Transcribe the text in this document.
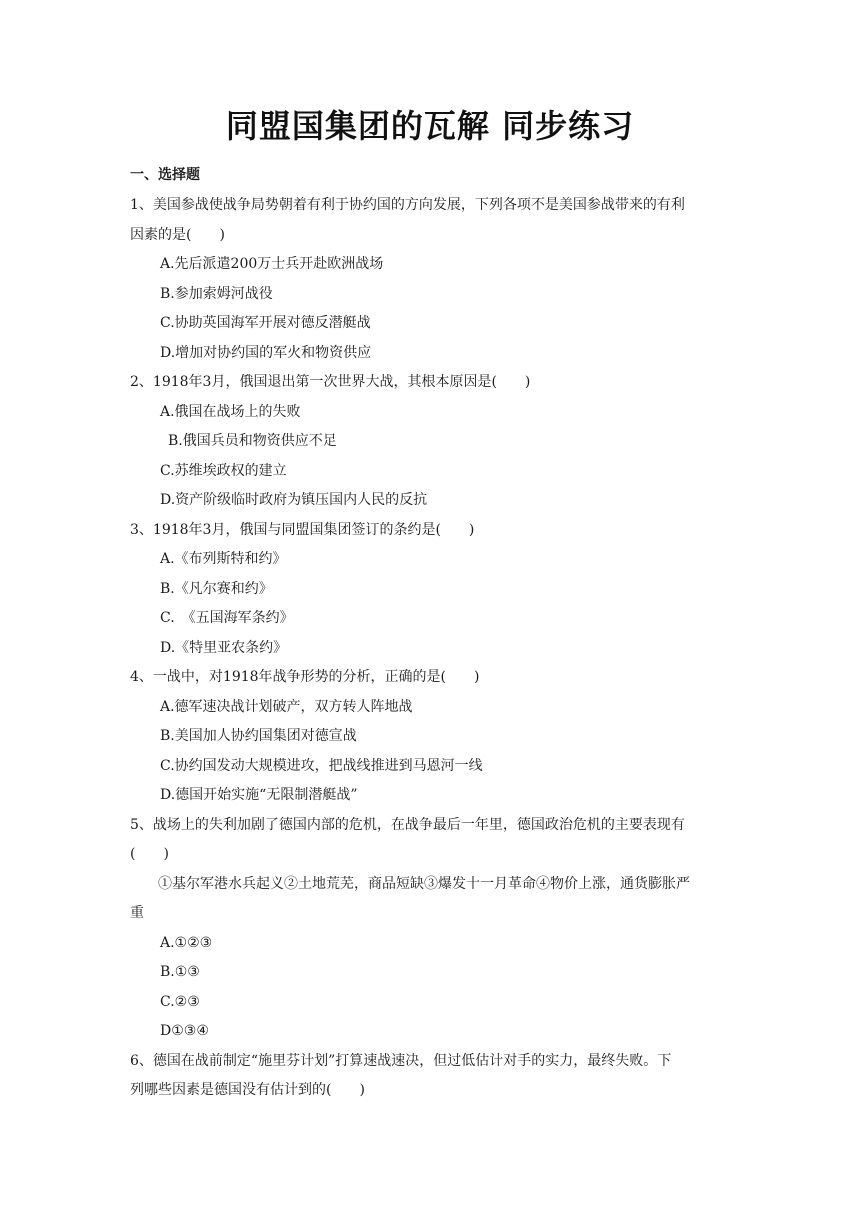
同盟国集团的瓦解 同步练习
一、选择题
1、美国参战使战争局势朝着有利于协约国的方向发展，下列各项不是美国参战带来的有利
因素的是(　　)
A.先后派遣200万士兵开赴欧洲战场
B.参加索姆河战役
C.协助英国海军开展对德反潜艇战
D.增加对协约国的军火和物资供应
2、1918年3月，俄国退出第一次世界大战，其根本原因是(　　)
A.俄国在战场上的失败
B.俄国兵员和物资供应不足
C.苏维埃政权的建立
D.资产阶级临时政府为镇压国内人民的反抗
3、1918年3月，俄国与同盟国集团签订的条约是(　　)
A.《布列斯特和约》
B.《凡尔赛和约》
C.　《五国海军条约》
D.《特里亚农条约》
4、一战中，对1918年战争形势的分析，正确的是(　　)
A.德军速决战计划破产，双方转人阵地战
B.美国加人协约国集团对德宣战
C.协约国发动大规模进攻，把战线推进到马恩河一线
D.德国开始实施“无限制潜艇战”
5、战场上的失利加剧了德国内部的危机，在战争最后一年里，德国政治危机的主要表现有
(　　)
①基尔军港水兵起义②土地荒芜，商品短缺③爆发十一月革命④物价上涨，通货膨胀严
重
A.①②③
B.①③
C.②③
D①③④
6、德国在战前制定“施里芬计划”打算速战速决，但过低估计对手的实力，最终失败。下
列哪些因素是德国没有估计到的(　　)
